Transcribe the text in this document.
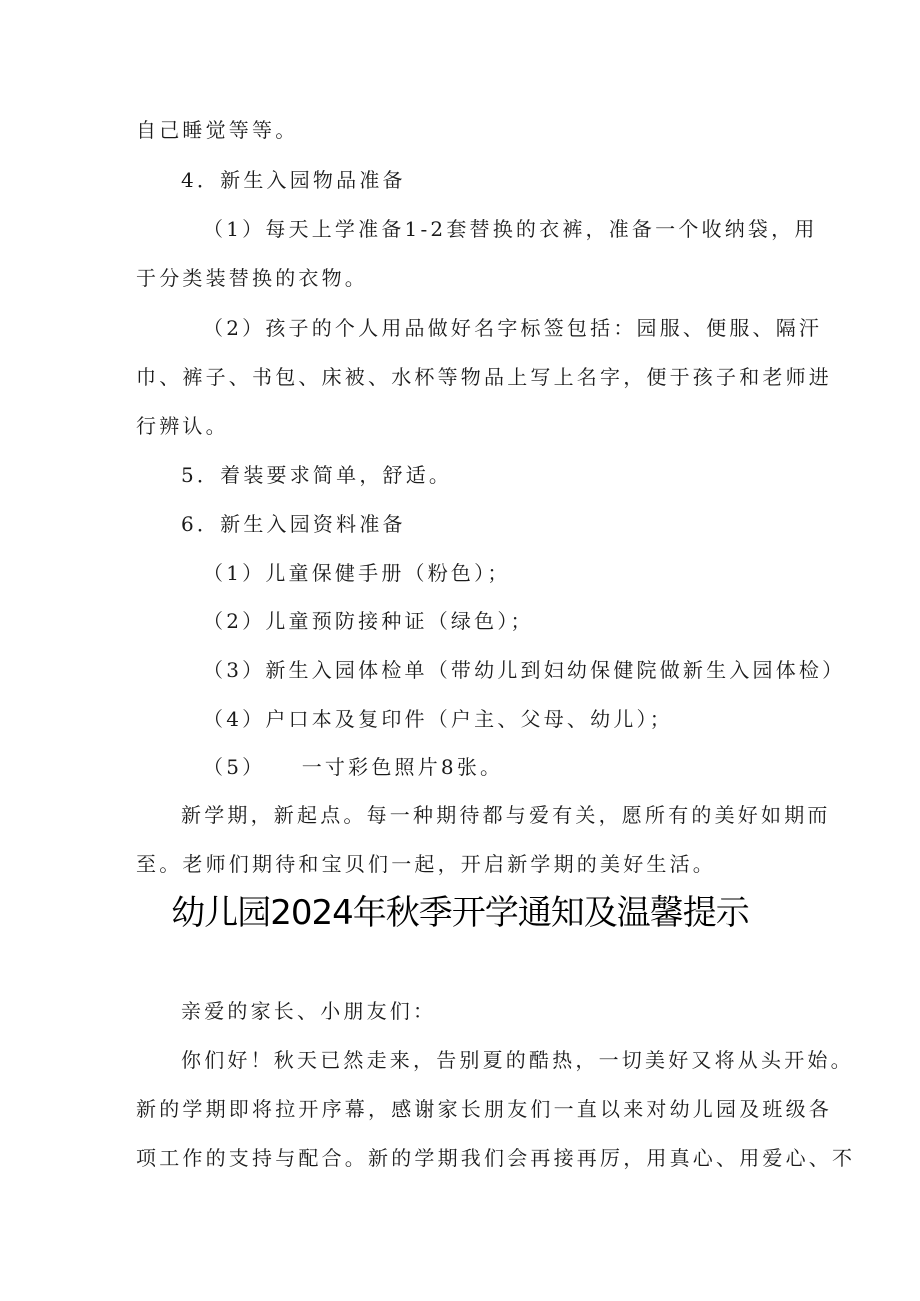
自己睡觉等等。
4．新生入园物品准备
（1）每天上学准备1-2套替换的衣裤，准备一个收纳袋，用
于分类装替换的衣物。
（2）孩子的个人用品做好名字标签包括：园服、便服、隔汗
巾、裤子、书包、床被、水杯等物品上写上名字，便于孩子和老师进
行辨认。
5．着装要求简单，舒适。
6．新生入园资料准备
（1）儿童保健手册（粉色）；
（2）儿童预防接种证（绿色）；
（3）新生入园体检单（带幼儿到妇幼保健院做新生入园体检）
（4）户口本及复印件（户主、父母、幼儿）；
（5）　　一寸彩色照片8张。
新学期，新起点。每一种期待都与爱有关，愿所有的美好如期而
至。老师们期待和宝贝们一起，开启新学期的美好生活。
幼儿园2024年秋季开学通知及温馨提示
亲爱的家长、小朋友们：
你们好！秋天已然走来，告别夏的酷热，一切美好又将从头开始。
新的学期即将拉开序幕，感谢家长朋友们一直以来对幼儿园及班级各
项工作的支持与配合。新的学期我们会再接再厉，用真心、用爱心、不
